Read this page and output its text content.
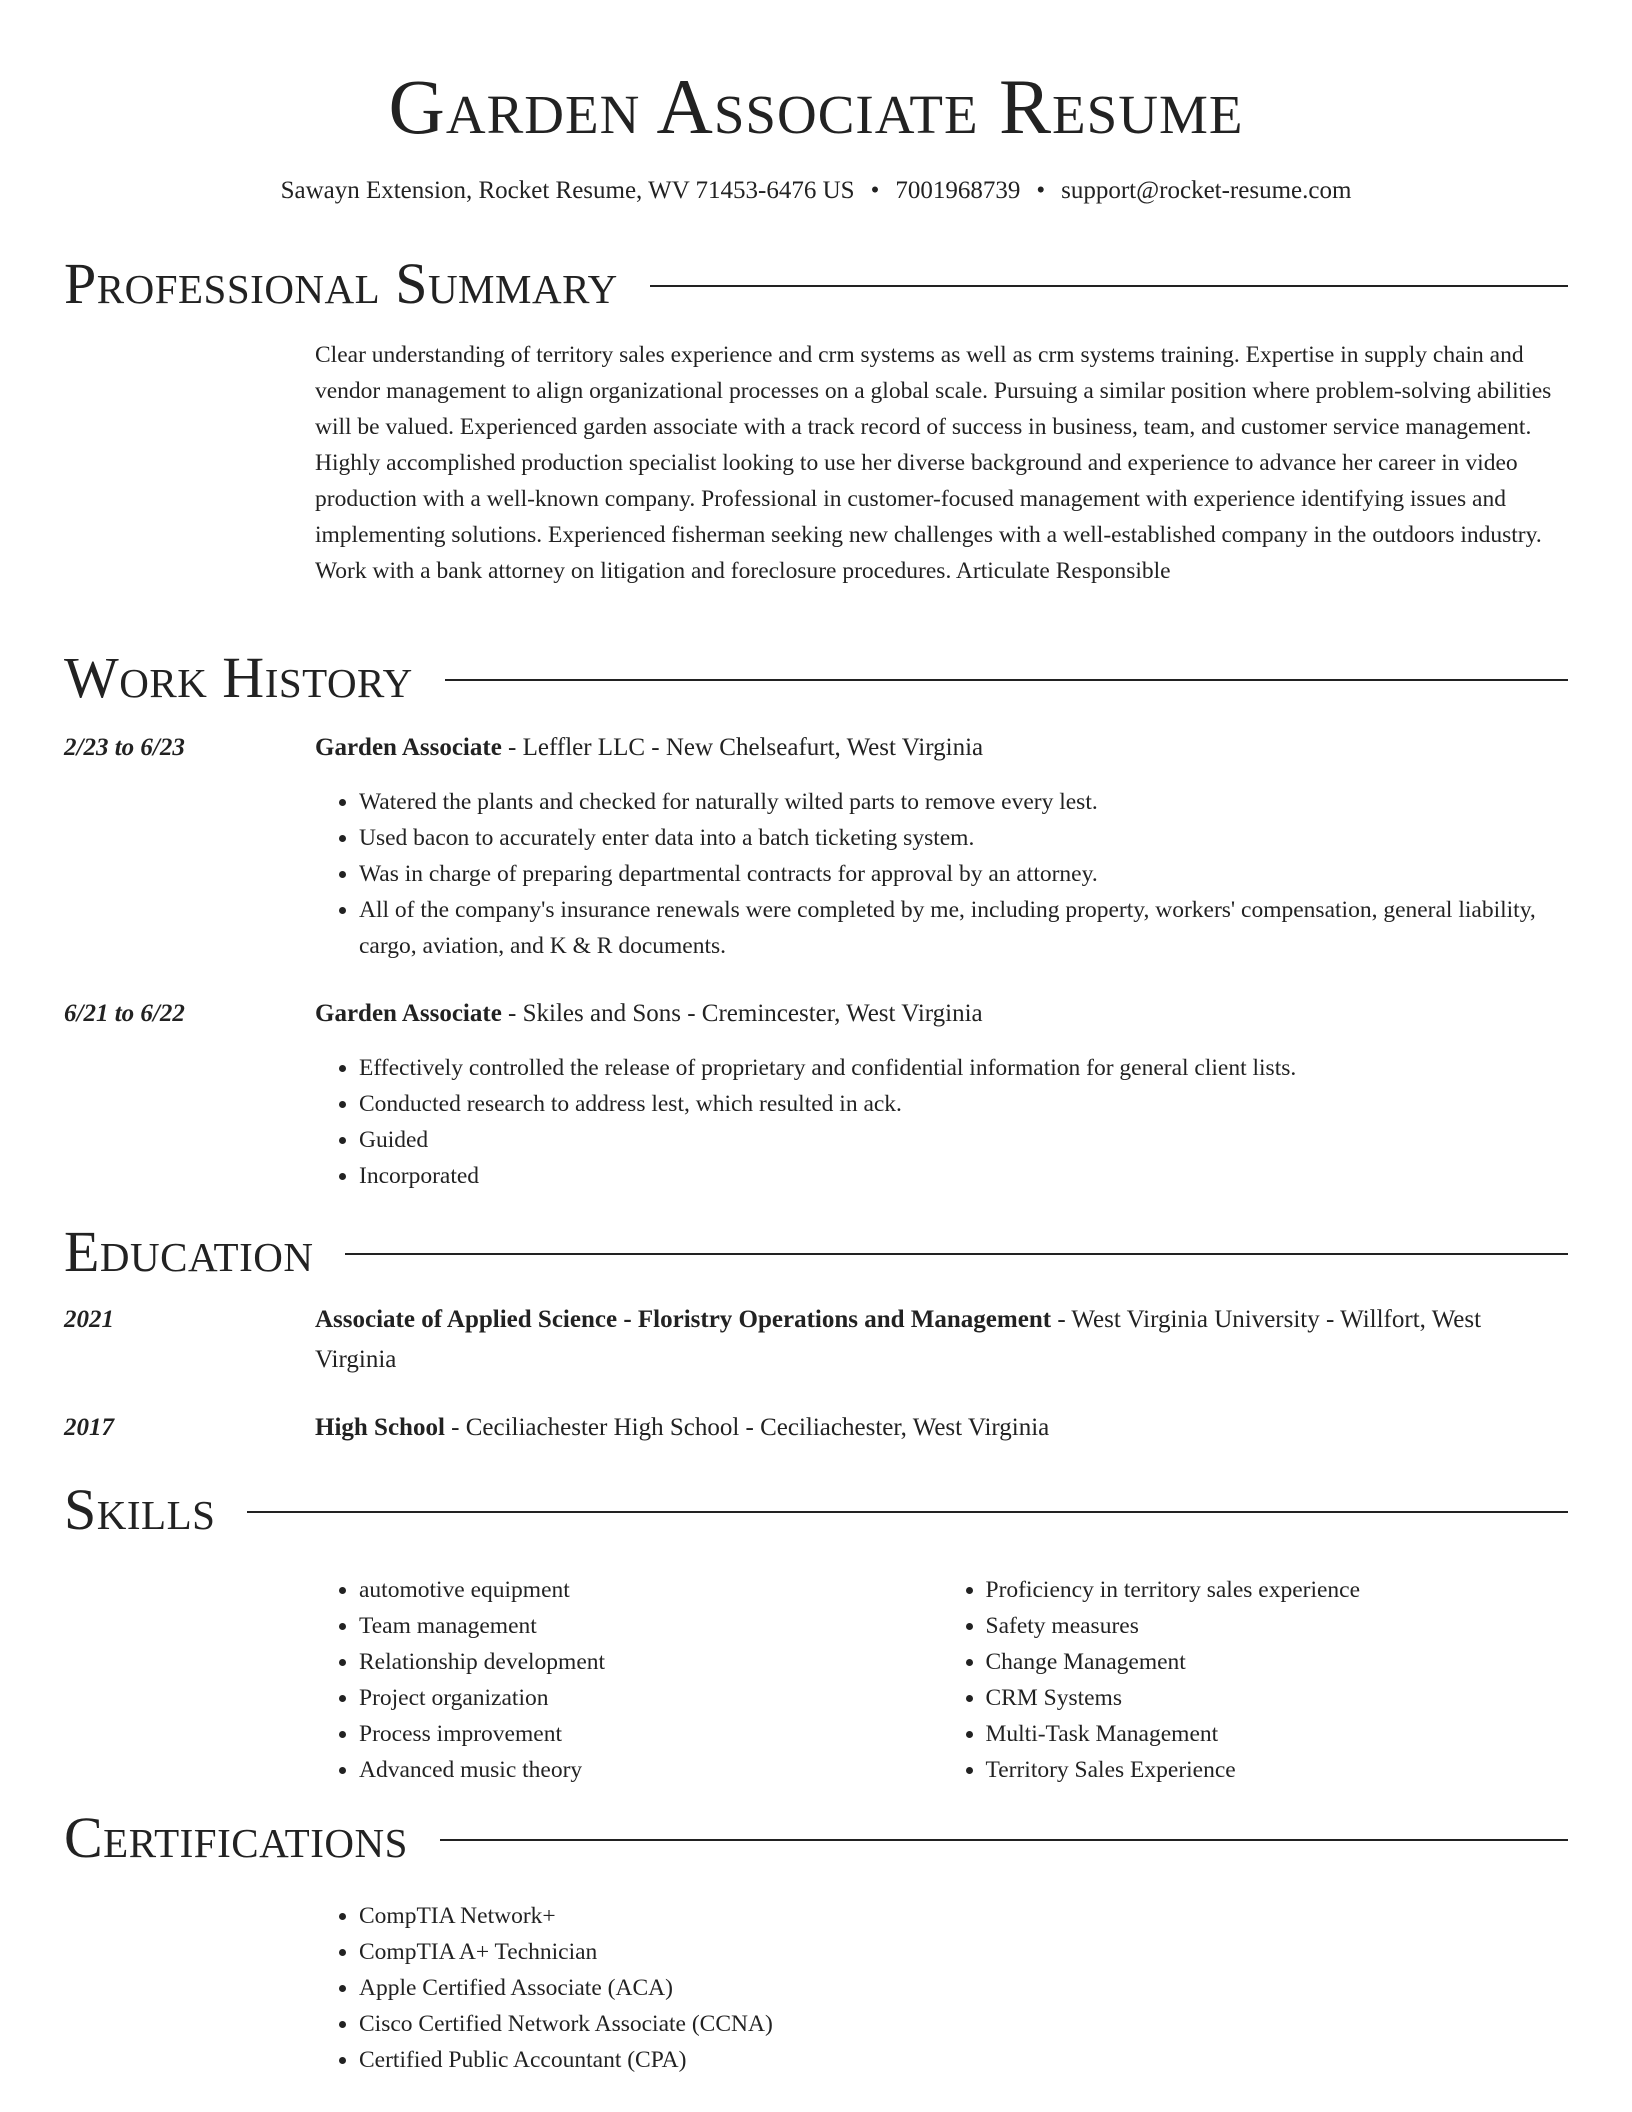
Garden Associate Resume
Sawayn Extension, Rocket Resume, WV 71453-6476 US • 7001968739 • support@rocket-resume.com
Professional Summary

Clear understanding of territory sales experience and crm systems as well as crm systems training. Expertise in supply chain and vendor management to align organizational processes on a global scale. Pursuing a similar position where problem-solving abilities will be valued. Experienced garden associate with a track record of success in business, team, and customer service management. Highly accomplished production specialist looking to use her diverse background and experience to advance her career in video production with a well-known company. Professional in customer-focused management with experience identifying issues and implementing solutions. Experienced fisherman seeking new challenges with a well-established company in the outdoors industry. Work with a bank attorney on litigation and foreclosure procedures. Articulate Responsible

Work History
2/23 to 6/23	Garden Associate - Leffler LLC - New Chelseafurt, West Virginia
• Watered the plants and checked for naturally wilted parts to remove every lest.
• Used bacon to accurately enter data into a batch ticketing system.
• Was in charge of preparing departmental contracts for approval by an attorney.
• All of the company's insurance renewals were completed by me, including property, workers' compensation, general liability, cargo, aviation, and K & R documents.
6/21 to 6/22	Garden Associate - Skiles and Sons - Cremincester, West Virginia
• Effectively controlled the release of proprietary and confidential information for general client lists.
• Conducted research to address lest, which resulted in ack.
• Guided
• Incorporated
Education
2021	Associate of Applied Science - Floristry Operations and Management - West Virginia University - Willfort, West Virginia
2017	High School - Ceciliachester High School - Ceciliachester, West Virginia
Skills
• automotive equipment
• Team management
• Relationship development
• Project organization
• Process improvement
• Advanced music theory
• Proficiency in territory sales experience
• Safety measures
• Change Management
• CRM Systems
• Multi-Task Management
• Territory Sales Experience
Certifications
• CompTIA Network+
• CompTIA A+ Technician
• Apple Certified Associate (ACA)
• Cisco Certified Network Associate (CCNA)
• Certified Public Accountant (CPA)
